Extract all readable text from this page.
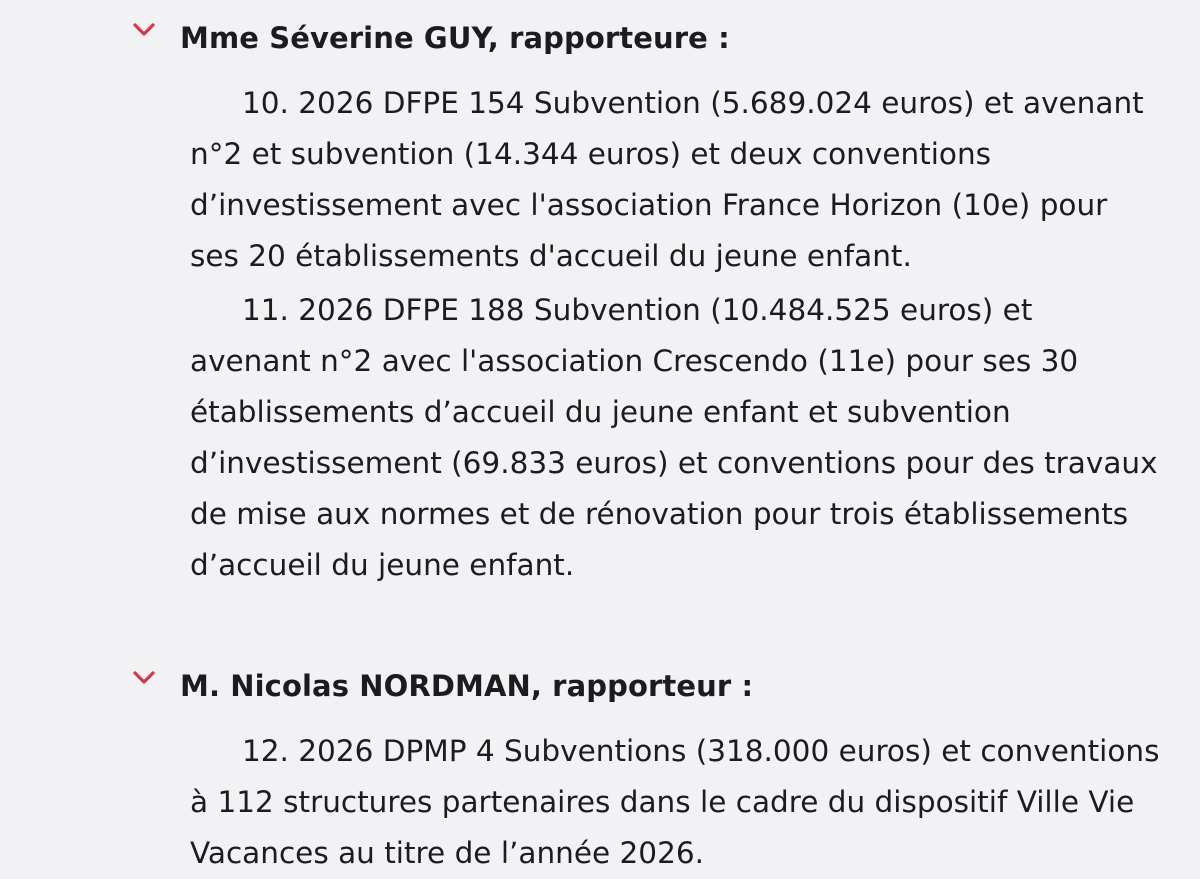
Mme Séverine GUY, rapporteure :

10. 2026 DFPE 154 Subvention (5.689.024 euros) et avenant n°2 et subvention (14.344 euros) et deux conventions d’investissement avec l'association France Horizon (10e) pour ses 20 établissements d'accueil du jeune enfant.

11. 2026 DFPE 188 Subvention (10.484.525 euros) et avenant n°2 avec l'association Crescendo (11e) pour ses 30 établissements d’accueil du jeune enfant et subvention d’investissement (69.833 euros) et conventions pour des travaux de mise aux normes et de rénovation pour trois établissements d’accueil du jeune enfant.

M. Nicolas NORDMAN, rapporteur :

12. 2026 DPMP 4 Subventions (318.000 euros) et conventions à 112 structures partenaires dans le cadre du dispositif Ville Vie Vacances au titre de l’année 2026.
